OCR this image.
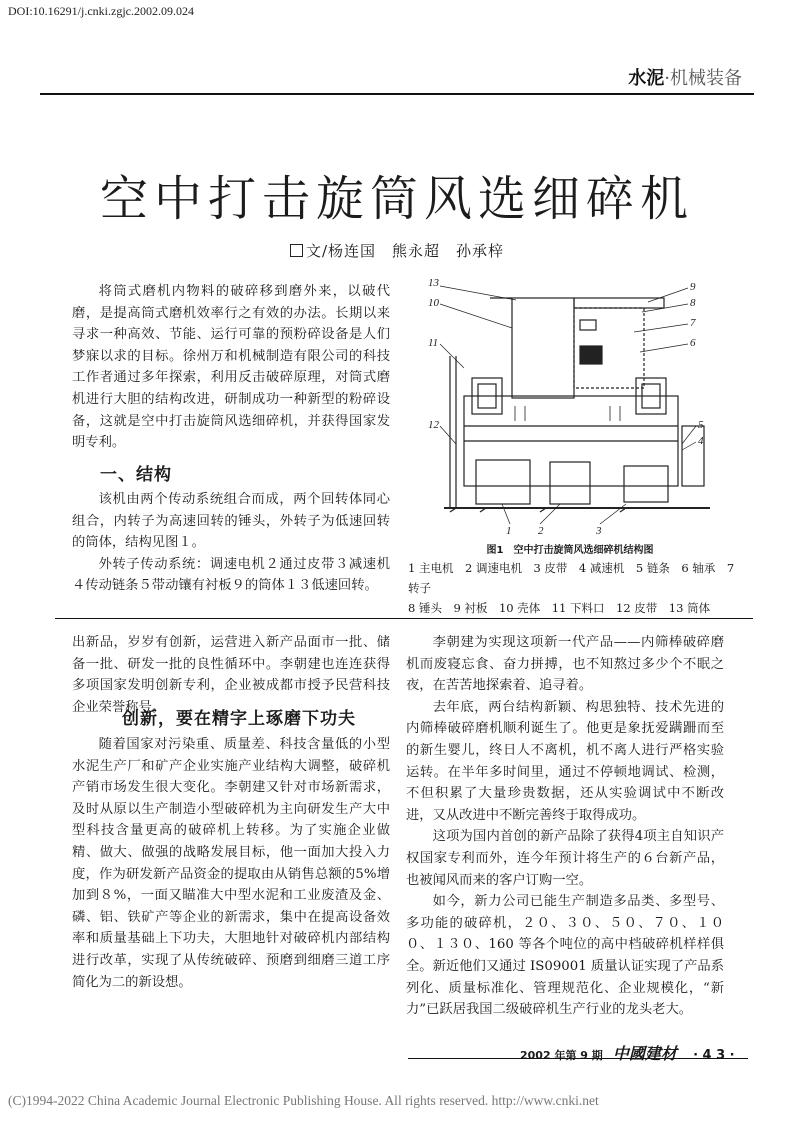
DOI:10.16291/j.cnki.zgjc.2002.09.024
水泥·机械装备
空中打击旋筒风选细碎机
文/杨连国　熊永超　孙承梓

将筒式磨机内物料的破碎移到磨外来，以破代磨，是提高筒式磨机效率行之有效的办法。长期以来寻求一种高效、节能、运行可靠的预粉碎设备是人们梦寐以求的目标。徐州万和机械制造有限公司的科技工作者通过多年探索，利用反击破碎原理，对筒式磨机进行大胆的结构改进，研制成功一种新型的粉碎设备，这就是空中打击旋筒风选细碎机，并获得国家发明专利。

一、结构

该机由两个传动系统组合而成，两个回转体同心组合，内转子为高速回转的锤头，外转子为低速回转的筒体，结构见图１。

外转子传动系统：调速电机２通过皮带３减速机４传动链条５带动镶有衬板９的筒体１３低速回转。

13
10
11
12
9
8
7
6
5
4
1 2	3
图1　空中打击旋筒风选细碎机结构图
1 主电机　2 调速电机　3 皮带　4 减速机　5 链条　6 轴承　7 转子
8 锤头　9 衬板　10 壳体　11 下料口　12 皮带　13 筒体

出新品，岁岁有创新，运营进入新产品面市一批、储备一批、研发一批的良性循环中。李朝建也连连获得多项国家发明创新专利，企业被成都市授予民营科技企业荣誉称号。

创新，要在精字上琢磨下功夫

随着国家对污染重、质量差、科技含量低的小型水泥生产厂和矿产企业实施产业结构大调整，破碎机产销市场发生很大变化。李朝建又针对市场新需求，及时从原以生产制造小型破碎机为主向研发生产大中型科技含量更高的破碎机上转移。为了实施企业做精、做大、做强的战略发展目标，他一面加大投入力度，作为研发新产品资金的提取由从销售总额的5%增加到８%，一面又瞄准大中型水泥和工业废渣及金、磷、铝、铁矿产等企业的新需求，集中在提高设备效率和质量基础上下功夫，大胆地针对破碎机内部结构进行改革，实现了从传统破碎、预磨到细磨三道工序简化为二的新设想。

李朝建为实现这项新一代产品——内筛棒破碎磨机而废寝忘食、奋力拼搏，也不知熬过多少个不眠之夜，在苦苦地探索着、追寻着。

去年底，两台结构新颖、构思独特、技术先进的内筛棒破碎磨机顺利诞生了。他更是象抚爱蹒跚而至的新生婴儿，终日人不离机，机不离人进行严格实验运转。在半年多时间里，通过不停顿地调试、检测，不但积累了大量珍贵数据，还从实验调试中不断改进，又从改进中不断完善终于取得成功。

这项为国内首创的新产品除了获得4项主自知识产权国家专利而外，连今年预计将生产的６台新产品，也被闻风而来的客户订购一空。

如今，新力公司已能生产制造多品类、多型号、多功能的破碎机，２０、３０、５０、７０、１００、１３０、160 等各个吨位的高中档破碎机样样俱全。新近他们又通过 IS09001 质量认证实现了产品系列化、质量标准化、管理规范化、企业规模化，“新力”已跃居我国二级破碎机生产行业的龙头老大。

2002 年第 9 期 中國建材 · 4 3 ·
(C)1994-2022 China Academic Journal Electronic Publishing House. All rights reserved. http://www.cnki.net
